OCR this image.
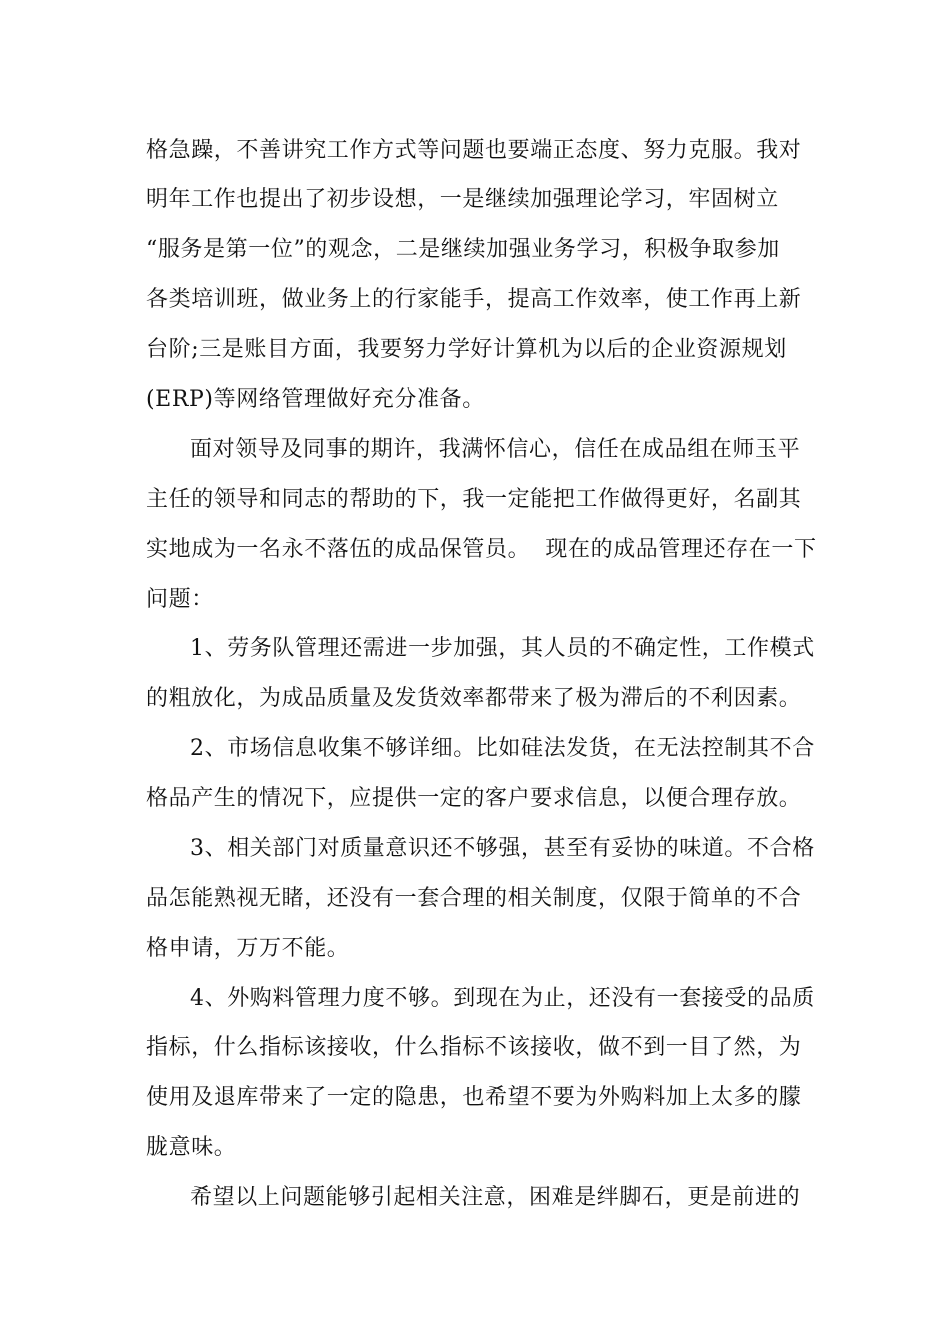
格急躁，不善讲究工作方式等问题也要端正态度、努力克服。我对
明年工作也提出了初步设想，一是继续加强理论学习，牢固树立
“服务是第一位”的观念，二是继续加强业务学习，积极争取参加
各类培训班，做业务上的行家能手，提高工作效率，使工作再上新
台阶;三是账目方面，我要努力学好计算机为以后的企业资源规划
(ERP)等网络管理做好充分准备。
面对领导及同事的期许，我满怀信心，信任在成品组在师玉平
主任的领导和同志的帮助的下，我一定能把工作做得更好，名副其
实地成为一名永不落伍的成品保管员。  现在的成品管理还存在一下
问题：
1、劳务队管理还需进一步加强，其人员的不确定性，工作模式
的粗放化，为成品质量及发货效率都带来了极为滞后的不利因素。
2、市场信息收集不够详细。比如硅法发货，在无法控制其不合
格品产生的情况下，应提供一定的客户要求信息，以便合理存放。
3、相关部门对质量意识还不够强，甚至有妥协的味道。不合格
品怎能熟视无睹，还没有一套合理的相关制度，仅限于简单的不合
格申请，万万不能。
4、外购料管理力度不够。到现在为止，还没有一套接受的品质
指标，什么指标该接收，什么指标不该接收，做不到一目了然，为
使用及退库带来了一定的隐患，也希望不要为外购料加上太多的朦
胧意味。
希望以上问题能够引起相关注意，困难是绊脚石，更是前进的
